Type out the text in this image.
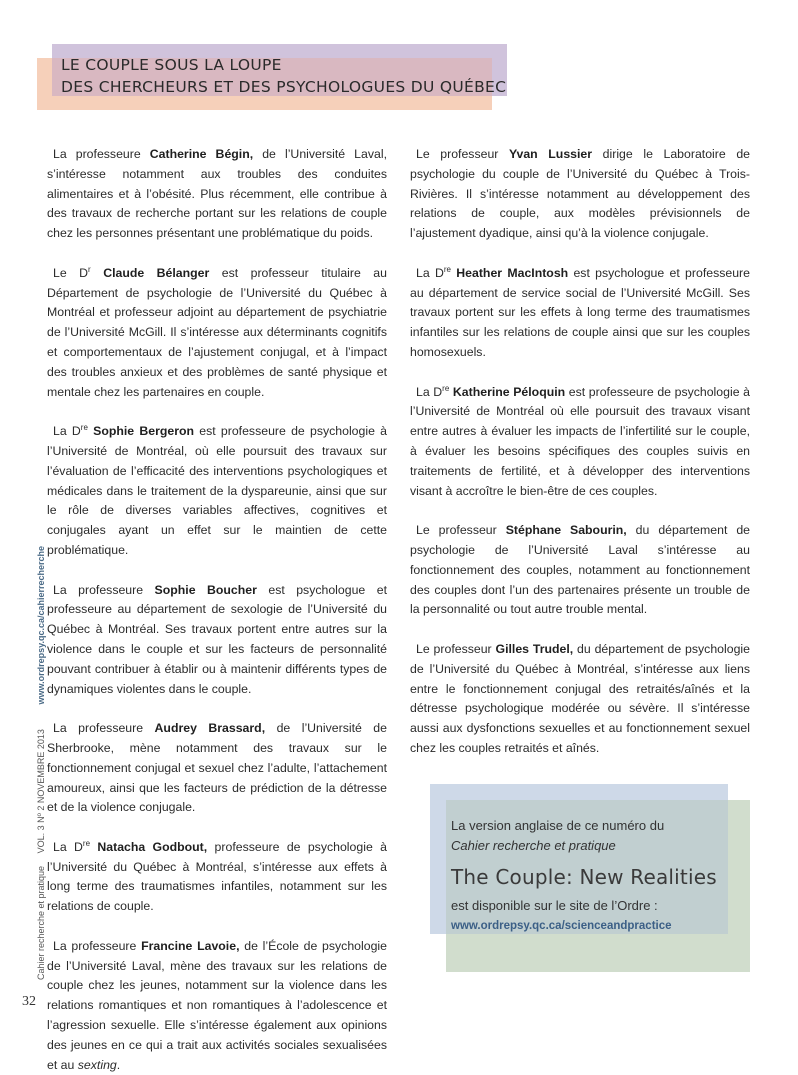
LE COUPLE SOUS LA LOUPE
DES CHERCHEURS ET DES PSYCHOLOGUES DU QUÉBEC

La professeure Catherine Bégin, de l’Université Laval, s’intéresse notamment aux troubles des conduites alimentaires et à l’obésité. Plus récemment, elle contribue à des travaux de recherche portant sur les relations de couple chez les personnes présentant une problématique du poids.

Le $D^r$ Claude Bélanger est professeur titulaire au Département de psychologie de l’Université du Québec à Montréal et professeur adjoint au département de psychiatrie de l’Université McGill. Il s’intéresse aux déterminants cognitifs et comportementaux de l’ajustement conjugal, et à l’impact des troubles anxieux et des problèmes de santé physique et mentale chez les partenaires en couple.

La Dre Sophie Bergeron est professeure de psychologie à l’Université de Montréal, où elle poursuit des travaux sur l’évaluation de l’efficacité des interventions psychologiques et médicales dans le traitement de la dyspareunie, ainsi que sur le rôle de diverses variables affectives, cognitives et conjugales ayant un effet sur le maintien de cette problématique.

La professeure Sophie Boucher est psychologue et professeure au département de sexologie de l’Université du Québec à Montréal. Ses travaux portent entre autres sur la violence dans le couple et sur les facteurs de personnalité pouvant contribuer à établir ou à maintenir différents types de dynamiques violentes dans le couple.

La professeure Audrey Brassard, de l’Université de Sherbrooke, mène notamment des travaux sur le fonctionnement conjugal et sexuel chez l’adulte, l’attachement amoureux, ainsi que les facteurs de prédiction de la détresse et de la violence conjugale.

La Dre Natacha Godbout, professeure de psychologie à l’Université du Québec à Montréal, s’intéresse aux effets à long terme des traumatismes infantiles, notamment sur les relations de couple.

La professeure Francine Lavoie, de l’École de psychologie de l’Université Laval, mène des travaux sur les relations de couple chez les jeunes, notamment sur la violence dans les relations romantiques et non romantiques à l’adolescence et l’agression sexuelle. Elle s’intéresse également aux opinions des jeunes en ce qui a trait aux activités sociales sexualisées et au sexting.

Le professeur Yvan Lussier dirige le Laboratoire de psychologie du couple de l’Université du Québec à Trois-Rivières. Il s’intéresse notamment au développement des relations de couple, aux modèles prévisionnels de l’ajustement dyadique, ainsi qu’à la violence conjugale.

La Dre Heather MacIntosh est psychologue et professeure au département de service social de l’Université McGill. Ses travaux portent sur les effets à long terme des traumatismes infantiles sur les relations de couple ainsi que sur les couples homosexuels.

La Dre Katherine Péloquin est professeure de psychologie à l’Université de Montréal où elle poursuit des travaux visant entre autres à évaluer les impacts de l’infertilité sur le couple, à évaluer les besoins spécifiques des couples suivis en traitements de fertilité, et à développer des interventions visant à accroître le bien-être de ces couples.

Le professeur Stéphane Sabourin, du département de psychologie de l’Université Laval s’intéresse au fonctionnement des couples, notamment au fonctionnement des couples dont l’un des partenaires présente un trouble de la personnalité ou tout autre trouble mental.

Le professeur Gilles Trudel, du département de psychologie de l’Université du Québec à Montréal, s’intéresse aux liens entre le fonctionnement conjugal des retraités/aînés et la détresse psychologique modérée ou sévère. Il s’intéresse aussi aux dysfonctions sexuelles et au fonctionnement sexuel chez les couples retraités et aînés.

Cahier recherche et pratique VOL. 3 Nº 2 NOVEMBRE 2013 www.ordrepsy.qc.ca/cahierrecherche
32
La version anglaise de ce numéro du
Cahier recherche et pratique
The Couple: New Realities
est disponible sur le site de l’Ordre :
www.ordrepsy.qc.ca/scienceandpractice
